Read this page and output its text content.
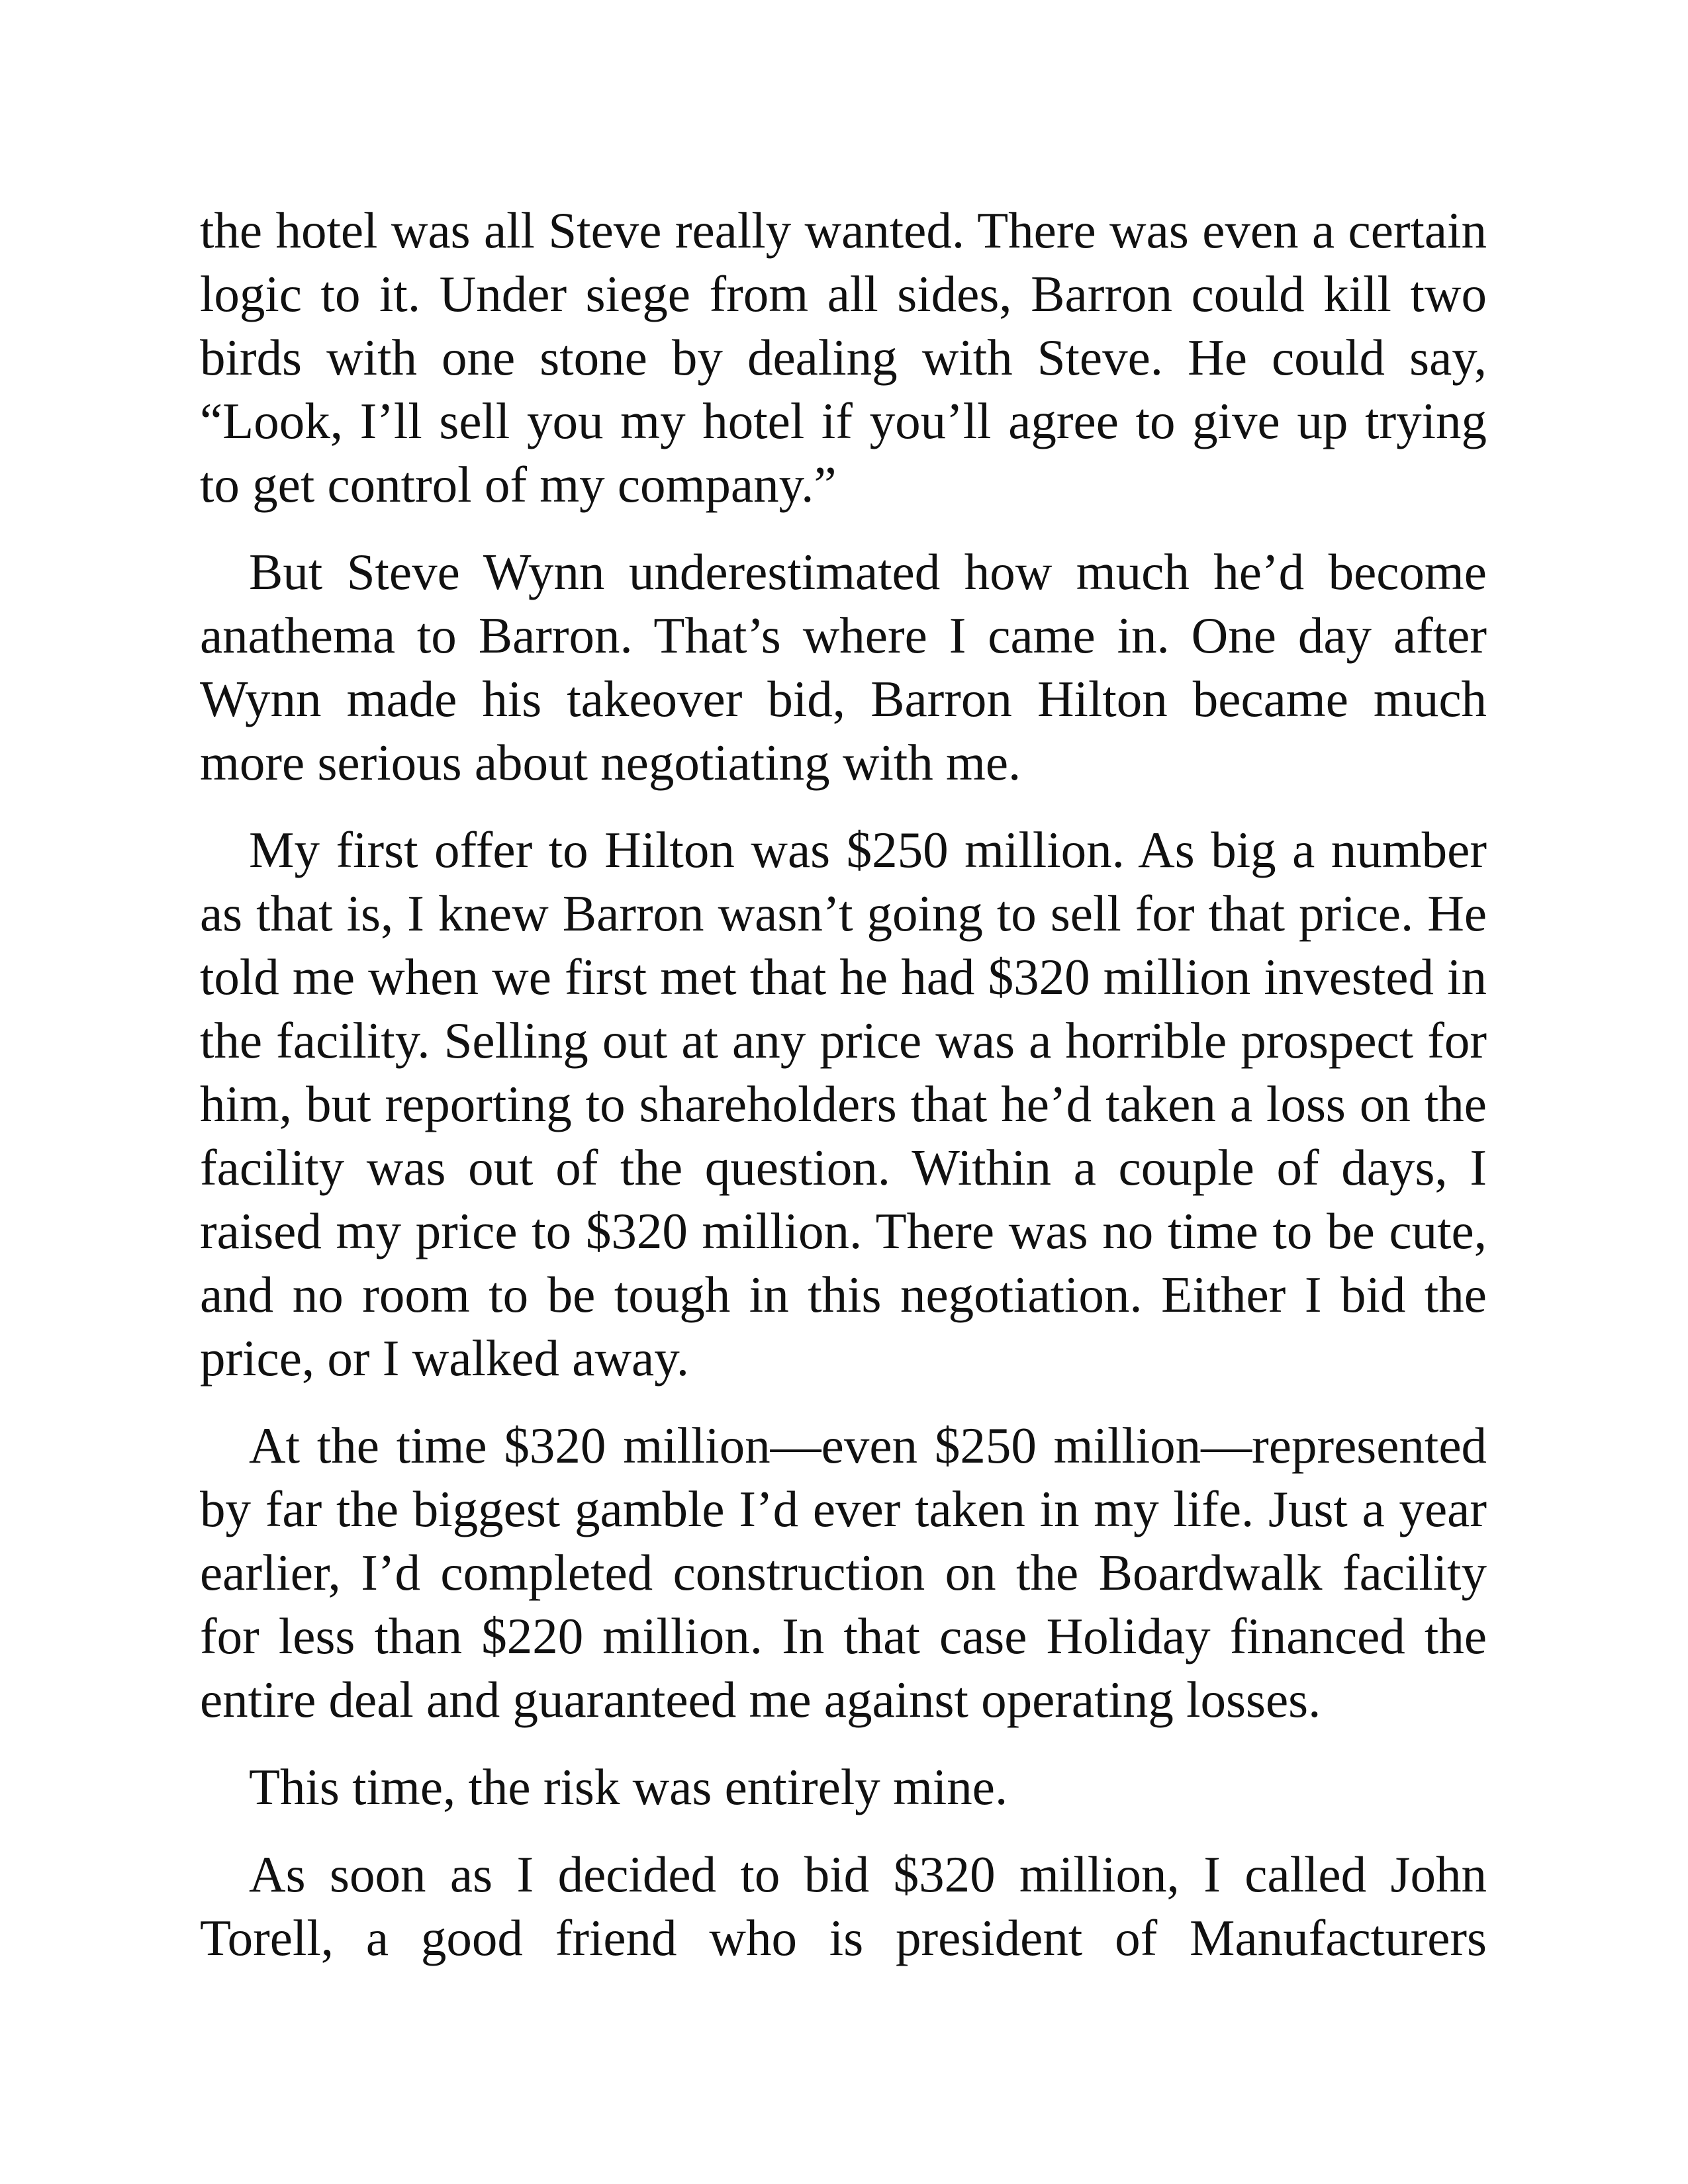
the hotel was all Steve really wanted. There was even a certain logic to it. Under siege from all sides, Barron could kill two birds with one stone by dealing with Steve. He could say, “Look, I’ll sell you my hotel if you’ll agree to give up trying to get control of my company.”

But Steve Wynn underestimated how much he’d become anathema to Barron. That’s where I came in. One day after Wynn made his takeover bid, Barron Hilton became much more serious about negotiating with me.

My first offer to Hilton was $250 million. As big a number as that is, I knew Barron wasn’t going to sell for that price. He told me when we first met that he had $320 million invested in the facility. Selling out at any price was a horrible prospect for him, but reporting to shareholders that he’d taken a loss on the facility was out of the question. Within a couple of days, I raised my price to $320 million. There was no time to be cute, and no room to be tough in this negotiation. Either I bid the price, or I walked away.

At the time $320 million—even $250 million—represented by far the biggest gamble I’d ever taken in my life. Just a year earlier, I’d completed construction on the Boardwalk facility for less than $220 million. In that case Holiday financed the entire deal and guaranteed me against operating losses.

This time, the risk was entirely mine.

As soon as I decided to bid $320 million, I called John Torell, a good friend who is president of Manufacturers
